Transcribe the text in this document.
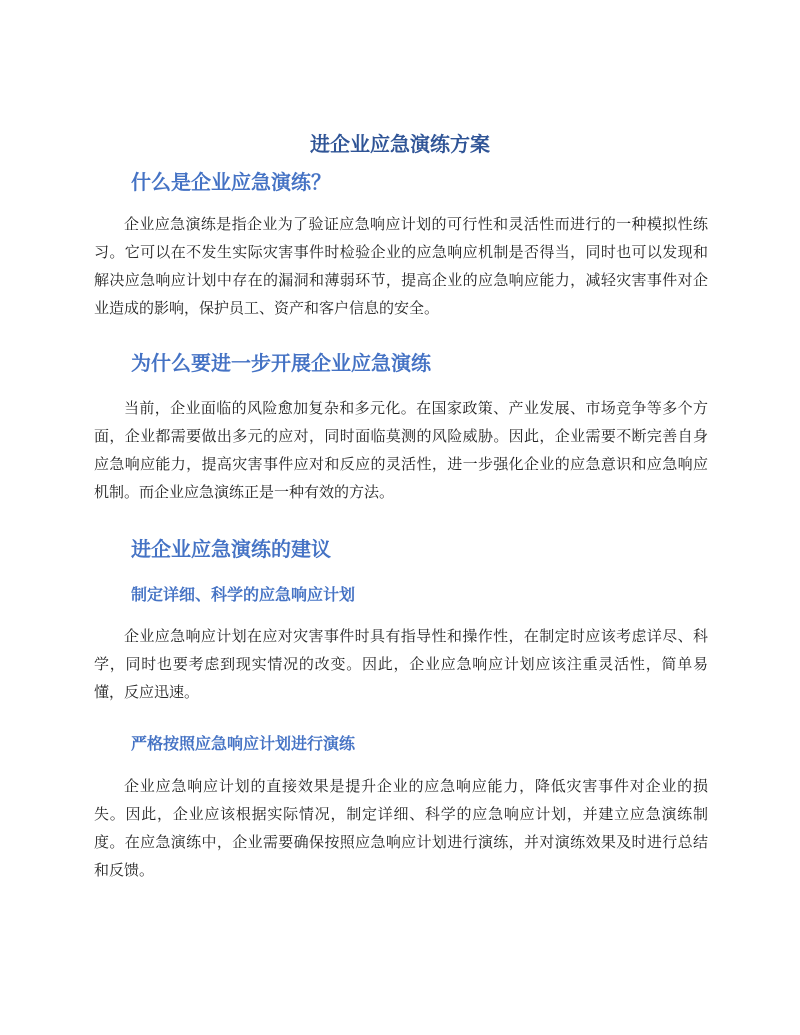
进企业应急演练方案
什么是企业应急演练？

企业应急演练是指企业为了验证应急响应计划的可行性和灵活性而进行的一种模拟性练习。它可以在不发生实际灾害事件时检验企业的应急响应机制是否得当，同时也可以发现和解决应急响应计划中存在的漏洞和薄弱环节，提高企业的应急响应能力，减轻灾害事件对企业造成的影响，保护员工、资产和客户信息的安全。

为什么要进一步开展企业应急演练

当前，企业面临的风险愈加复杂和多元化。在国家政策、产业发展、市场竞争等多个方面，企业都需要做出多元的应对，同时面临莫测的风险威胁。因此，企业需要不断完善自身应急响应能力，提高灾害事件应对和反应的灵活性，进一步强化企业的应急意识和应急响应机制。而企业应急演练正是一种有效的方法。

进企业应急演练的建议
制定详细、科学的应急响应计划

企业应急响应计划在应对灾害事件时具有指导性和操作性，在制定时应该考虑详尽、科学，同时也要考虑到现实情况的改变。因此，企业应急响应计划应该注重灵活性，简单易懂，反应迅速。

严格按照应急响应计划进行演练

企业应急响应计划的直接效果是提升企业的应急响应能力，降低灾害事件对企业的损失。因此，企业应该根据实际情况，制定详细、科学的应急响应计划，并建立应急演练制度。在应急演练中，企业需要确保按照应急响应计划进行演练，并对演练效果及时进行总结和反馈。
